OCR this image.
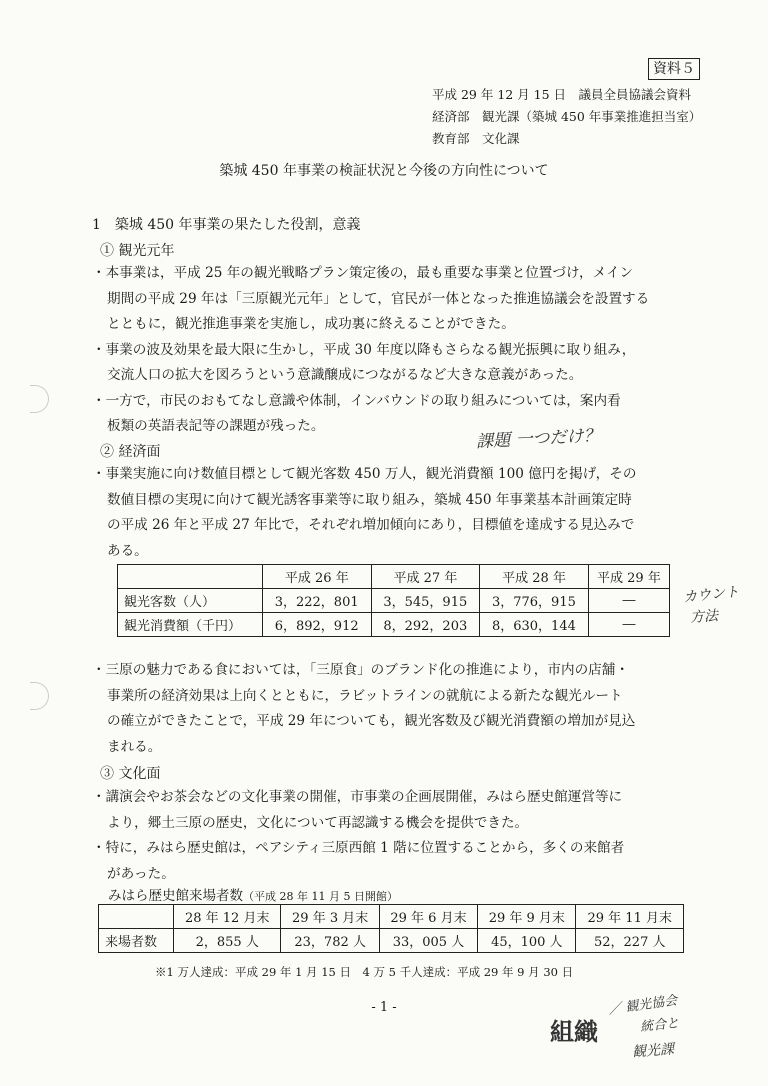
資料５
平成 29 年 12 月 15 日　議員全員協議会資料
経済部　観光課（築城 450 年事業推進担当室）
教育部　文化課
築城 450 年事業の検証状況と今後の方向性について
1　築城 450 年事業の果たした役割，意義
① 観光元年
・本事業は，平成 25 年の観光戦略プラン策定後の，最も重要な事業と位置づけ，メイン
期間の平成 29 年は「三原観光元年」として，官民が一体となった推進協議会を設置する
とともに，観光推進事業を実施し，成功裏に終えることができた。
・事業の波及効果を最大限に生かし，平成 30 年度以降もさらなる観光振興に取り組み，
交流人口の拡大を図ろうという意識醸成につながるなど大きな意義があった。
・一方で，市民のおもてなし意識や体制，インバウンドの取り組みについては，案内看
板類の英語表記等の課題が残った。	課題 一つだけ？
② 経済面
・事業実施に向け数値目標として観光客数 450 万人，観光消費額 100 億円を掲げ，その
数値目標の実現に向けて観光誘客事業等に取り組み，築城 450 年事業基本計画策定時
の平成 26 年と平成 27 年比で，それぞれ増加傾向にあり，目標値を達成する見込みで
ある。
	平成 26 年	平成 27 年	平成 28 年	平成 29 年
観光客数（人）	3，222，801	3，545，915	3，776，915	―
観光消費額（千円）	6，892，912	8，292，203	8，630，144	―
カウント
方法
・三原の魅力である食においては，「三原食」のブランド化の推進により，市内の店舗・
事業所の経済効果は上向くとともに，ラビットラインの就航による新たな観光ルート
の確立ができたことで，平成 29 年についても，観光客数及び観光消費額の増加が見込
まれる。
③ 文化面
・講演会やお茶会などの文化事業の開催，市事業の企画展開催，みはら歴史館運営等に
より，郷土三原の歴史，文化について再認識する機会を提供できた。
・特に，みはら歴史館は，ペアシティ三原西館 1 階に位置することから，多くの来館者
があった。
みはら歴史館来場者数（平成 28 年 11 月 5 日開館）
	28 年 12 月末	29 年 3 月末	29 年 6 月末	29 年 9 月末	29 年 11 月末
来場者数	2，855 人	23，782 人	33，005 人	45，100 人	52，227 人
※1 万人達成：平成 29 年 1 月 15 日　4 万 5 千人達成：平成 29 年 9 月 30 日
- 1 -
組織
／ 観光協会
統合と
観光課
